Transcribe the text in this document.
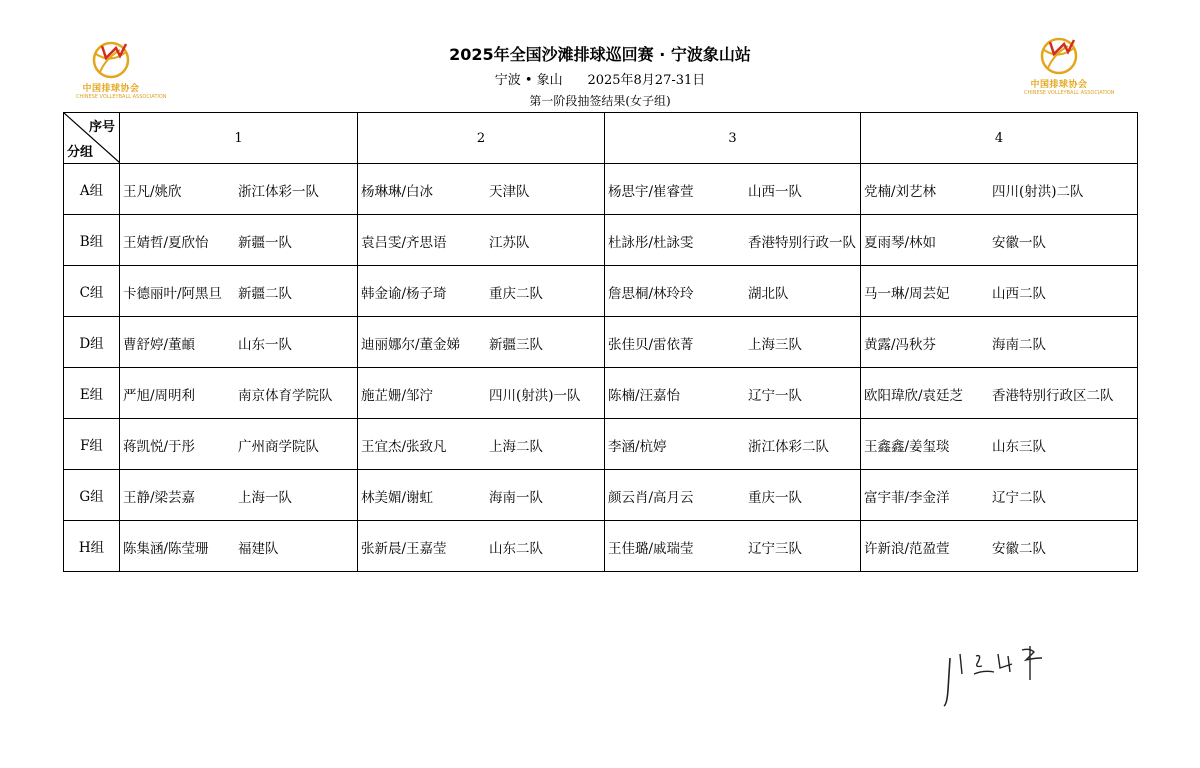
中国排球协会
CHINESE VOLLEYBALL ASSOCIATION
2025年全国沙滩排球巡回赛 · 宁波象山站
宁波 • 象山 2025年8月27-31日
第一阶段抽签结果(女子组)
中国排球协会
CHINESE VOLLEYBALL ASSOCIATION
序号
分组	1	2	3	4
A组	王凡/姚欣 浙江体彩一队	杨琳琳/白冰 天津队	杨思宇/崔睿萱 山西一队	党楠/刘艺林 四川(射洪)二队

B组	王婧哲/夏欣怡 新疆一队	袁吕雯/齐思语 江苏队	杜詠彤/杜詠雯 香港特别行政一队	夏雨琴/林如 安徽一队

C组	卡德丽叶/阿黑旦 新疆二队	韩金谕/杨子琦 重庆二队	詹思桐/林玲玲 湖北队	马一琳/周芸妃 山西二队

D组	曹舒婷/董頔 山东一队	迪丽娜尔/董金娣 新疆三队	张佳贝/雷依菁 上海三队	黄露/冯秋芬 海南二队

E组	严旭/周明利 南京体育学院队	施芷姗/邹泞 四川(射洪)一队	陈楠/汪嘉怡 辽宁一队	欧阳瑋欣/袁廷芝 香港特别行政区二队

F组	蒋凯悦/于彤 广州商学院队	王宜杰/张致凡 上海二队	李涵/杭婷 浙江体彩二队	王鑫鑫/姜玺琰 山东三队

G组	王静/梁芸嘉 上海一队	林美媚/谢虹 海南一队	颜云肖/高月云 重庆一队	富宇菲/李金洋 辽宁二队

H组	陈集涵/陈莹珊 福建队	张新晨/王嘉莹 山东二队	王佳璐/戚瑞莹 辽宁三队	许新浪/范盈萱 安徽二队
